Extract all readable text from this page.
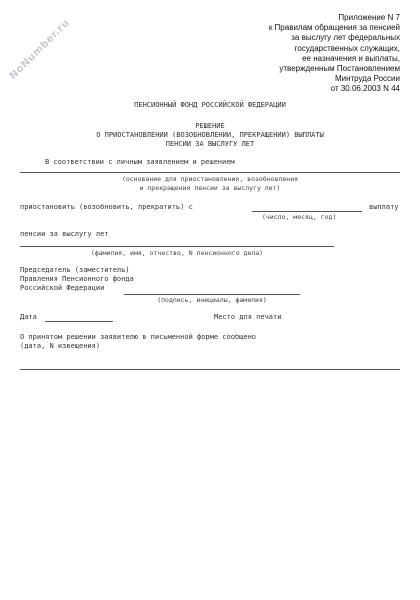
NoNumber.ru
Приложение N 7
к Правилам обращения за пенсией
за выслугу лет федеральных
государственных служащих,
ее назначения и выплаты,
утвержденным Постановлением
Минтруда России
от 30.06.2003 N 44
ПЕНСИОННЫЙ ФОНД РОССИЙСКОЙ ФЕДЕРАЦИИ
РЕШЕНИЕ
О ПРИОСТАНОВЛЕНИИ (ВОЗОБНОВЛЕНИИ, ПРЕКРАЩЕНИИ) ВЫПЛАТЫ
ПЕНСИИ ЗА ВЫСЛУГУ ЛЕТ
В соответствии с личным заявлением и решением
(основание для приостановления, возобновления
и прекращения пенсии за выслугу лет)
приостановить (возобновить, прекратить) с	выплату
(число, месяц, год)
пенсии за выслугу лет
(фамилия, имя, отчество, N пенсионного дела)
Председатель (заместитель)
Правления Пенсионного фонда
Российской Федерации
(подпись, инициалы, фамилия)
Дата	Место для печати
О принятом решении заявителю в письменной форме сообщено
(дата, N извещения)
